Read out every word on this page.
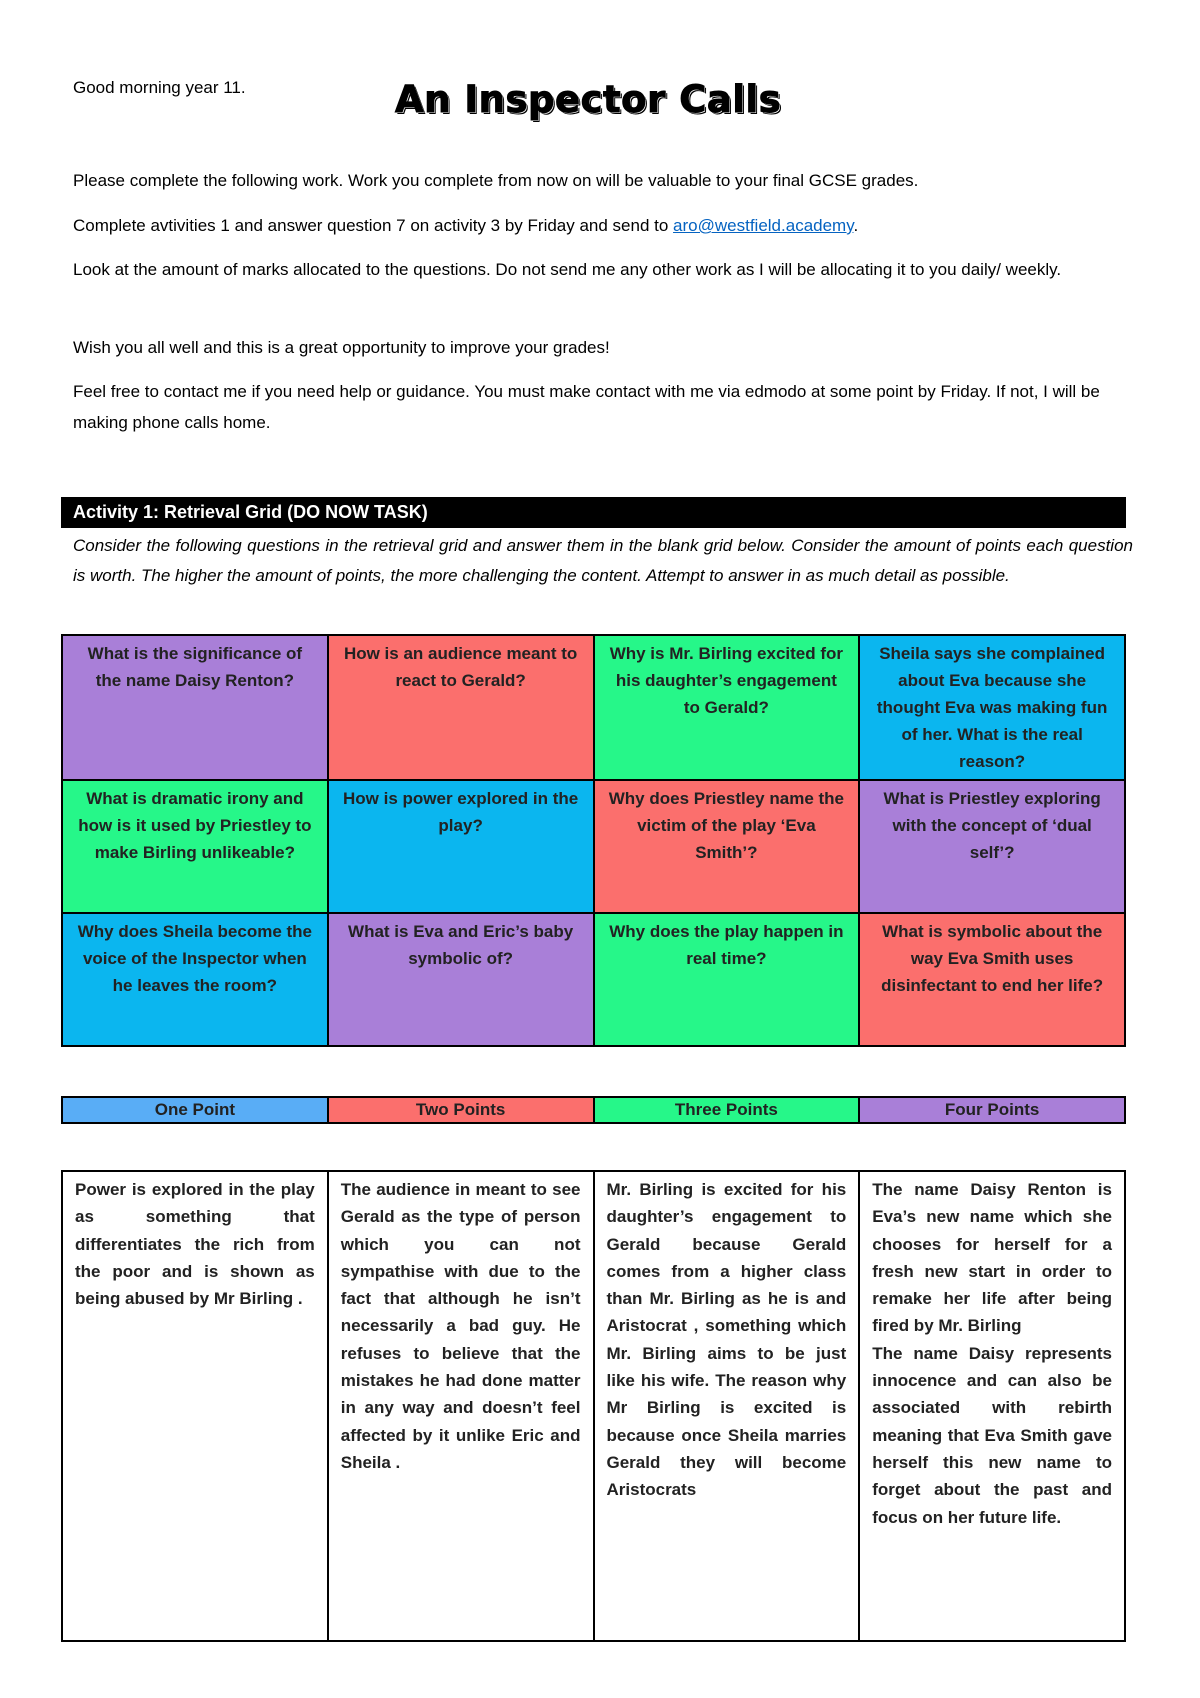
Good morning year 11.	An Inspector Calls
Please complete the following work. Work you complete from now on will be valuable to your final GCSE grades.
Complete avtivities 1 and answer question 7 on activity 3 by Friday and send to aro@westfield.academy.
Look at the amount of marks allocated to the questions. Do not send me any other work as I will be allocating it to you daily/ weekly.
Wish you all well and this is a great opportunity to improve your grades!
Feel free to contact me if you need help or guidance. You must make contact with me via edmodo at some point by Friday. If not, I will be making phone calls home.
Activity 1: Retrieval Grid (DO NOW TASK)
Consider the following questions in the retrieval grid and answer them in the blank grid below. Consider the amount of points each question is worth. The higher the amount of points, the more challenging the content. Attempt to answer in as much detail as possible.
What is the significance of the name Daisy Renton?	How is an audience meant to react to Gerald?	Why is Mr. Birling excited for his daughter’s engagement to Gerald?	Sheila says she complained about Eva because she thought Eva was making fun of her. What is the real reason?
What is dramatic irony and how is it used by Priestley to make Birling unlikeable?	How is power explored in the play?	Why does Priestley name the victim of the play ‘Eva Smith’?	What is Priestley exploring with the concept of ‘dual self’?
Why does Sheila become the voice of the Inspector when he leaves the room?	What is Eva and Eric’s baby symbolic of?	Why does the play happen in real time?	What is symbolic about the way Eva Smith uses disinfectant to end her life?
One Point	Two Points	Three Points	Four Points
Power is explored in the play as something that differentiates the rich from the poor and is shown as being abused by Mr Birling .	The audience in meant to see Gerald as the type of person which you can not sympathise with due to the fact that although he isn’t necessarily a bad guy. He refuses to believe that the mistakes he had done matter in any way and doesn’t feel affected by it unlike Eric and Sheila .	Mr. Birling is excited for his daughter’s engagement to Gerald because Gerald comes from a higher class than Mr. Birling as he is and Aristocrat , something which Mr. Birling aims to be just like his wife. The reason why Mr Birling is excited is because once Sheila marries Gerald they will become Aristocrats	The name Daisy Renton is Eva’s new name which she chooses for herself for a fresh new start in order to remake her life after being fired by Mr. Birling
The name Daisy represents innocence and can also be associated with rebirth meaning that Eva Smith gave herself this new name to forget about the past and focus on her future life.
